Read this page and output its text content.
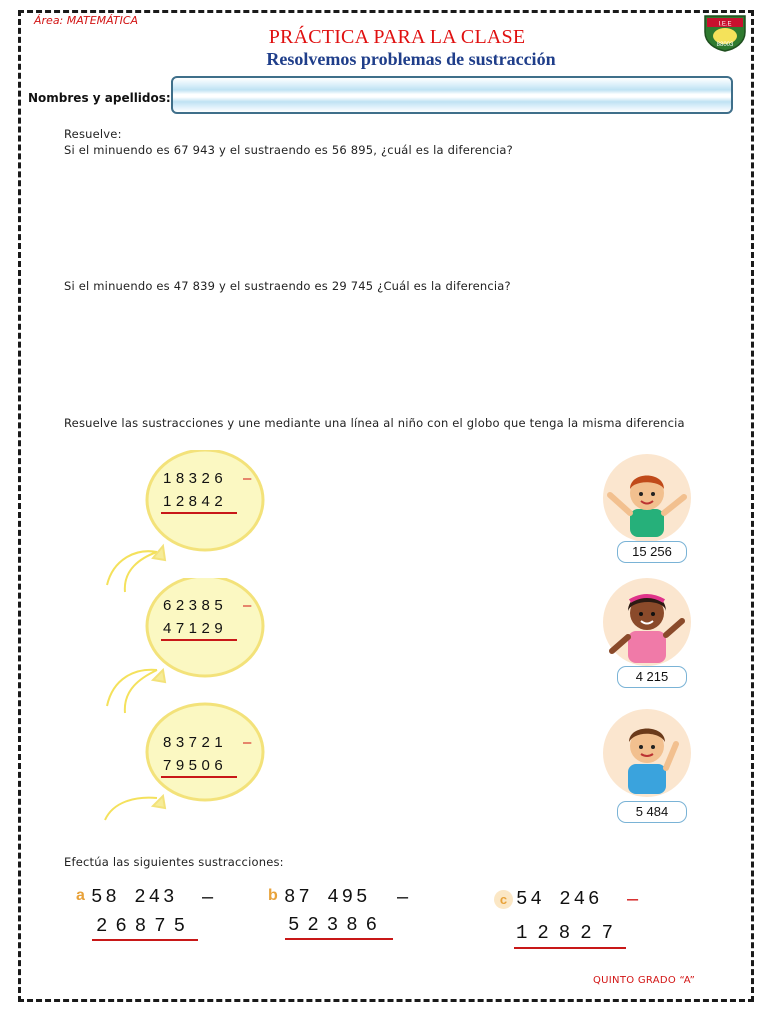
Área: MATEMÁTICA
PRÁCTICA PARA LA CLASE
Resolvemos problemas de sustracción
I.E.E
88003
Nombres y apellidos:
Resuelve:
Si el minuendo es 67 943 y el sustraendo es 56 895, ¿cuál es la diferencia?
Si el minuendo es 47 839 y el sustraendo es 29 745 ¿Cuál es la diferencia?
Resuelve las sustracciones y une mediante una línea al niño con el globo que tenga la misma diferencia
18326 –
12842
62385 –
47129
83721 –
79506
15 256
4 215
5 484
Efectúa las siguientes sustracciones:
a 58 243 –
26875
b 87 495 –
52386
c 54 246 –
12827
QUINTO GRADO “A”
